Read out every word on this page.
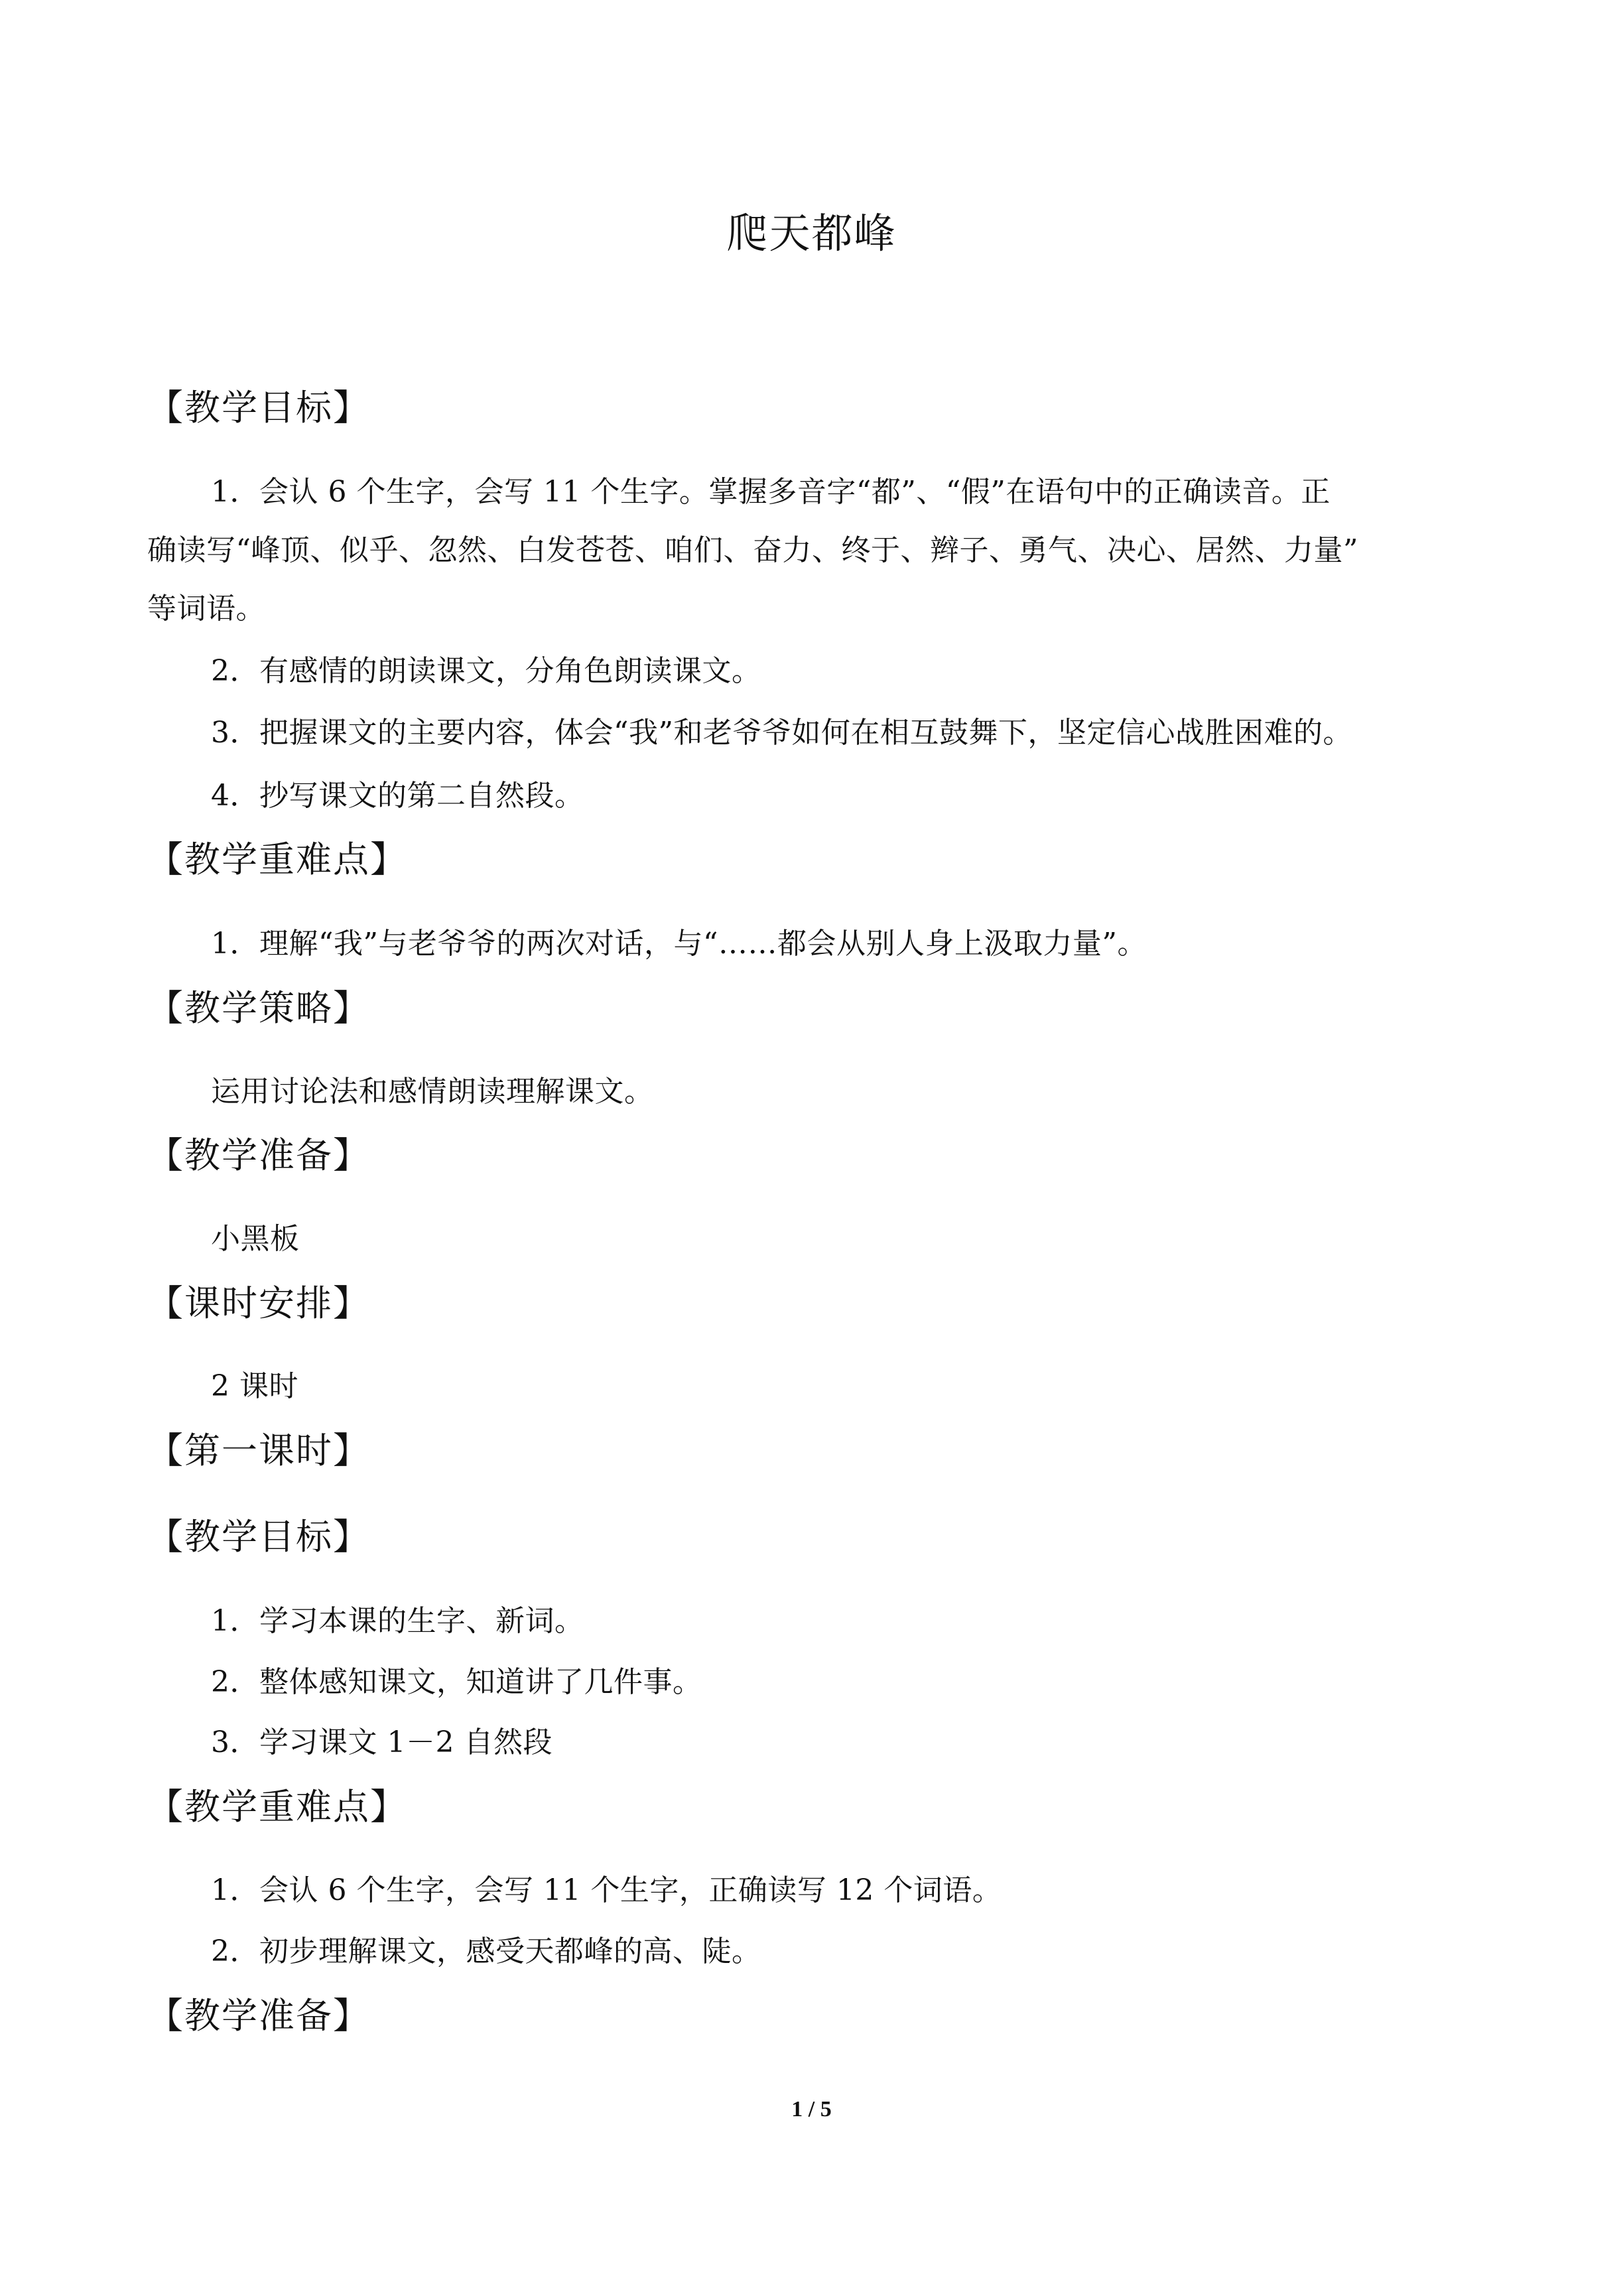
爬天都峰
【教学目标】

1．会认 6 个生字，会写 11 个生字。掌握多音字“都”、“假”在语句中的正确读音。正

确读写“峰顶、似乎、忽然、白发苍苍、咱们、奋力、终于、辫子、勇气、决心、居然、力量”

等词语。

2．有感情的朗读课文，分角色朗读课文。

3．把握课文的主要内容，体会“我”和老爷爷如何在相互鼓舞下，坚定信心战胜困难的。

4．抄写课文的第二自然段。

【教学重难点】

1．理解“我”与老爷爷的两次对话，与“……都会从别人身上汲取力量”。

【教学策略】

运用讨论法和感情朗读理解课文。

【教学准备】

小黑板

【课时安排】

2 课时

【第一课时】
【教学目标】

1．学习本课的生字、新词。

2．整体感知课文，知道讲了几件事。

3．学习课文 1－2 自然段

【教学重难点】

1．会认 6 个生字，会写 11 个生字，正确读写 12 个词语。

2．初步理解课文，感受天都峰的高、陡。

【教学准备】

1 / 5
